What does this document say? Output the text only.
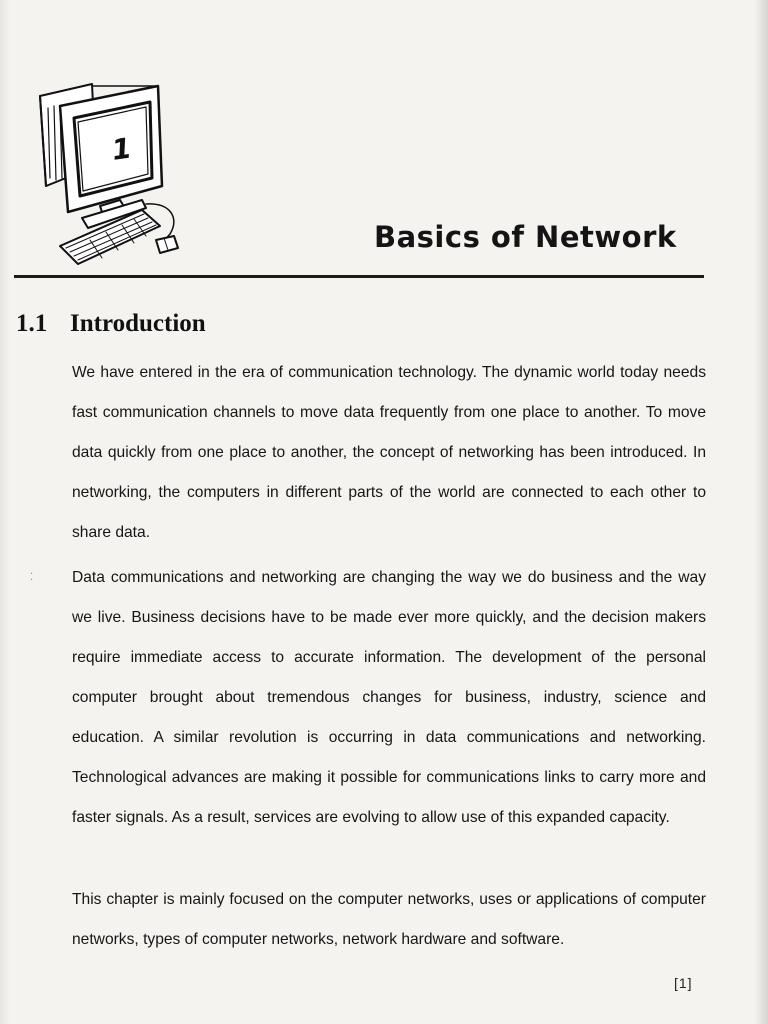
1
Basics of Network
1.1 Introduction
⁚

We have entered in the era of communication technology. The dynamic world today needs fast communication channels to move data frequently from one place to another. To move data quickly from one place to another, the concept of networking has been introduced. In networking, the computers in different parts of the world are connected to each other to share data.

Data communications and networking are changing the way we do business and the way we live. Business decisions have to be made ever more quickly, and the decision makers require immediate access to accurate information. The development of the personal computer brought about tremendous changes for business, industry, science and education. A similar revolution is occurring in data communications and networking. Technological advances are making it possible for communications links to carry more and faster signals. As a result, services are evolving to allow use of this expanded capacity.

This chapter is mainly focused on the computer networks, uses or applications of computer networks, types of computer networks, network hardware and software.

[1]
